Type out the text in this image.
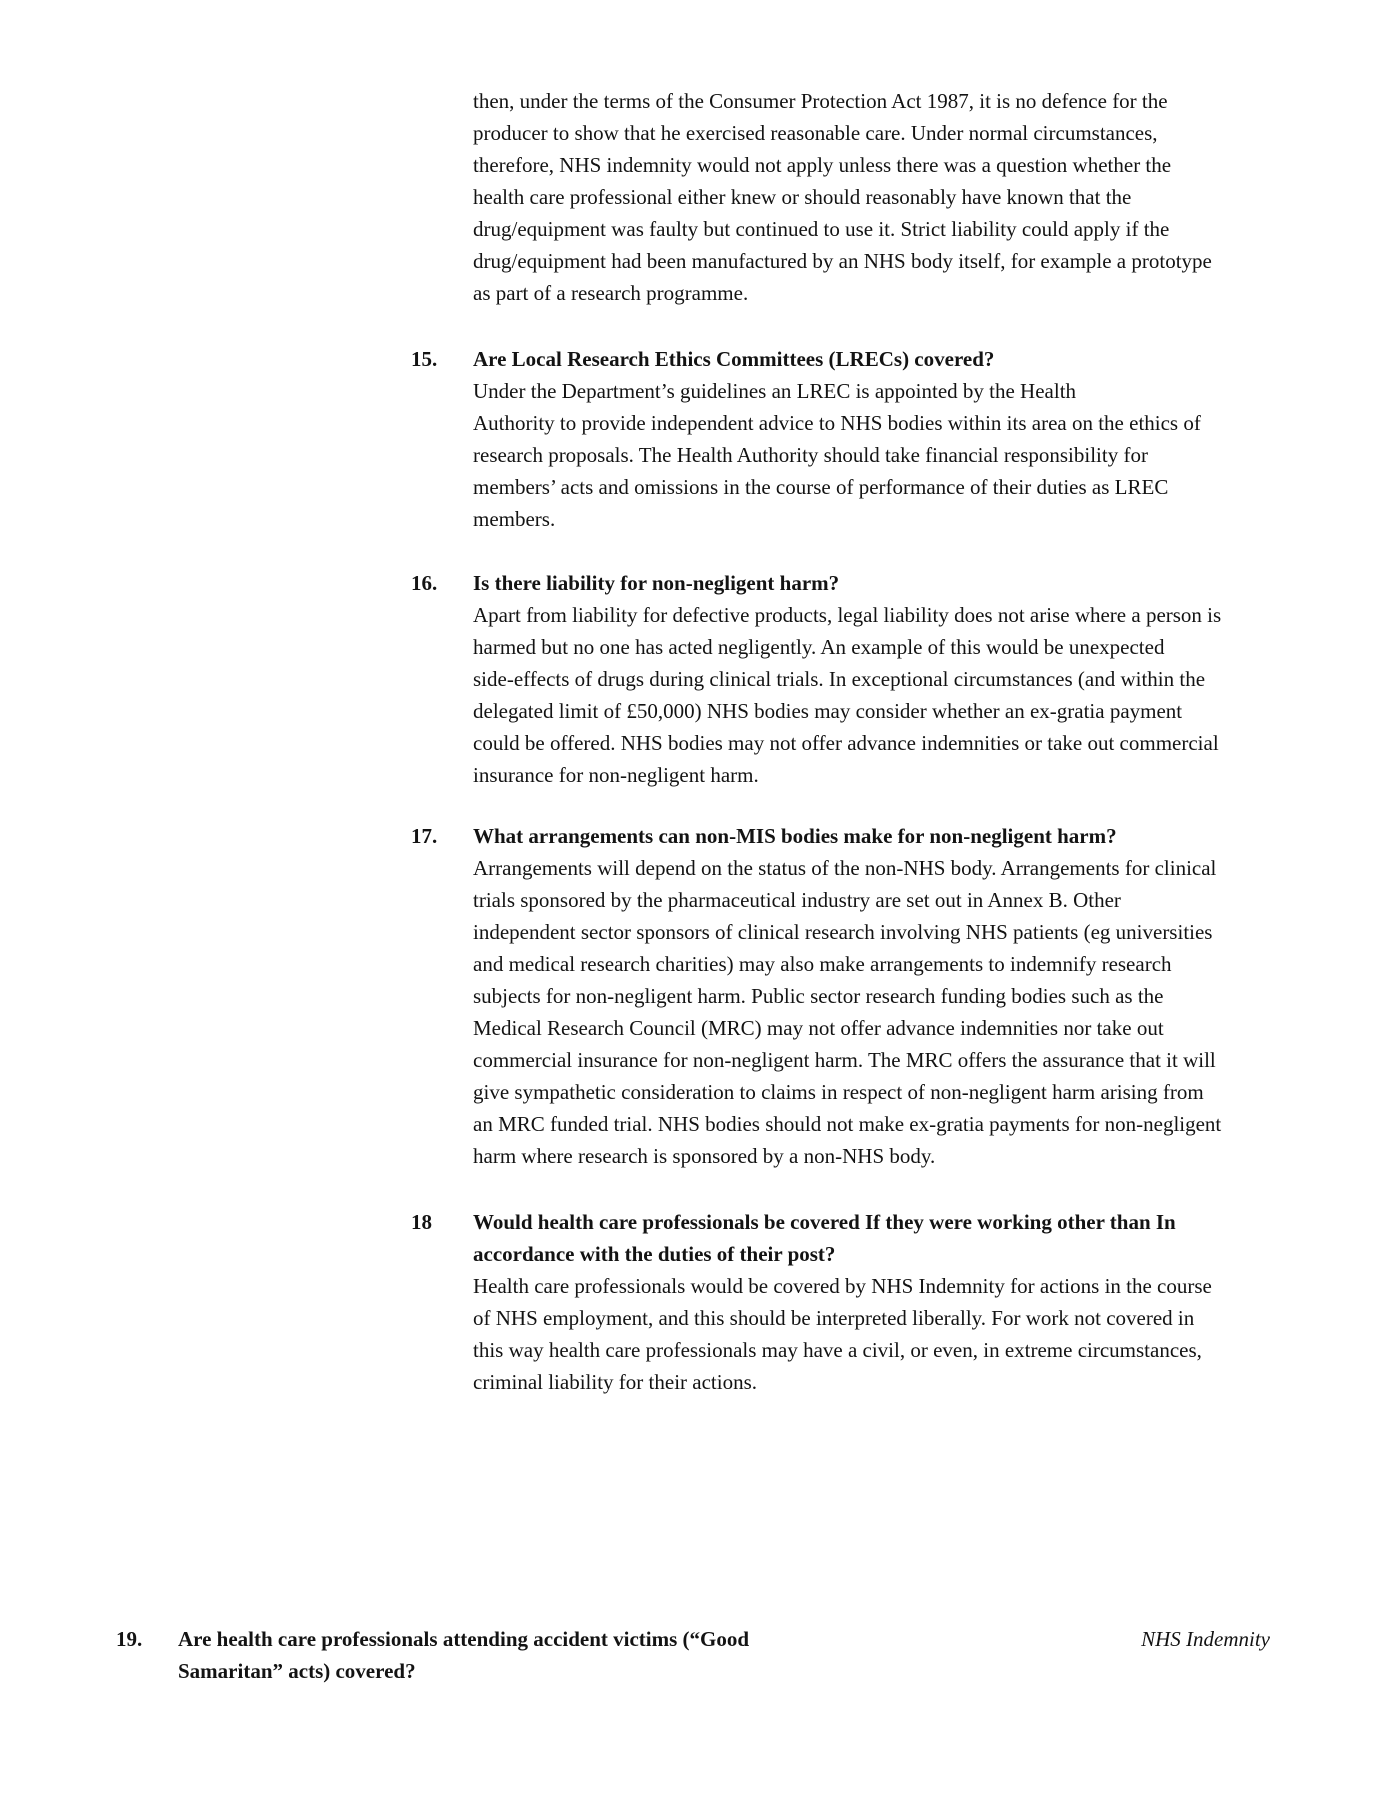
then, under the terms of the Consumer Protection Act 1987, it is no defence for the
producer to show that he exercised reasonable care. Under normal circumstances,
therefore, NHS indemnity would not apply unless there was a question whether the
health care professional either knew or should reasonably have known that the
drug/equipment was faulty but continued to use it. Strict liability could apply if the
drug/equipment had been manufactured by an NHS body itself, for example a prototype
as part of a research programme.
15. Are Local Research Ethics Committees (LRECs) covered?
Under the Department’s guidelines an LREC is appointed by the Health
Authority to provide independent advice to NHS bodies within its area on the ethics of
research proposals. The Health Authority should take financial responsibility for
members’ acts and omissions in the course of performance of their duties as LREC
members.
16. Is there liability for non-negligent harm?
Apart from liability for defective products, legal liability does not arise where a person is
harmed but no one has acted negligently. An example of this would be unexpected
side-effects of drugs during clinical trials. In exceptional circumstances (and within the
delegated limit of £50,000) NHS bodies may consider whether an ex-gratia payment
could be offered. NHS bodies may not offer advance indemnities or take out commercial
insurance for non-negligent harm.
17. What arrangements can non-MIS bodies make for non-negligent harm?
Arrangements will depend on the status of the non-NHS body. Arrangements for clinical
trials sponsored by the pharmaceutical industry are set out in Annex B. Other
independent sector sponsors of clinical research involving NHS patients (eg universities
and medical research charities) may also make arrangements to indemnify research
subjects for non-negligent harm. Public sector research funding bodies such as the
Medical Research Council (MRC) may not offer advance indemnities nor take out
commercial insurance for non-negligent harm. The MRC offers the assurance that it will
give sympathetic consideration to claims in respect of non-negligent harm arising from
an MRC funded trial. NHS bodies should not make ex-gratia payments for non-negligent
harm where research is sponsored by a non-NHS body.
18 Would health care professionals be covered If they were working other than In
accordance with the duties of their post?
Health care professionals would be covered by NHS Indemnity for actions in the course
of NHS employment, and this should be interpreted liberally. For work not covered in
this way health care professionals may have a civil, or even, in extreme circumstances,
criminal liability for their actions.
19. Are health care professionals attending accident victims (“Good
Samaritan” acts) covered?
NHS Indemnity
